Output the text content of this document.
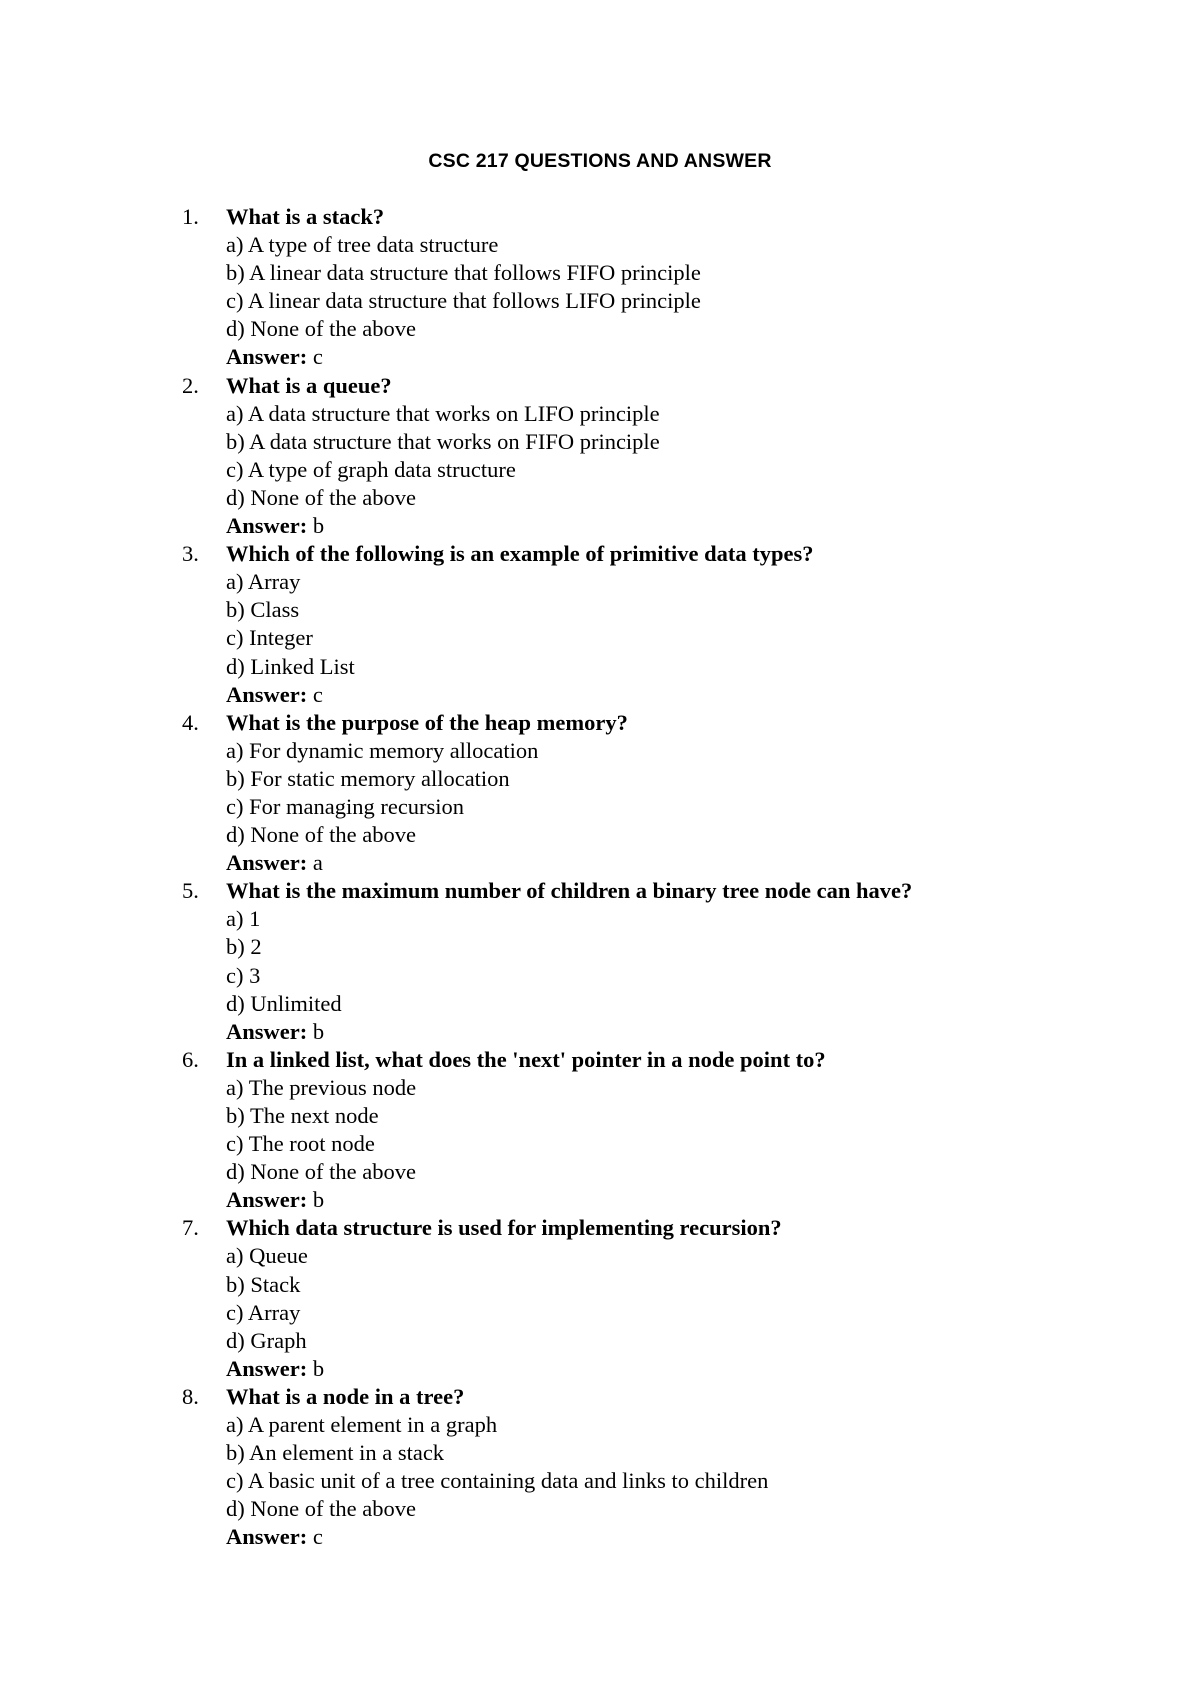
CSC 217 QUESTIONS AND ANSWER
1.	What is a stack?
a) A type of tree data structure
b) A linear data structure that follows FIFO principle
c) A linear data structure that follows LIFO principle
d) None of the above
Answer: c
2.	What is a queue?
a) A data structure that works on LIFO principle
b) A data structure that works on FIFO principle
c) A type of graph data structure
d) None of the above
Answer: b
3.	Which of the following is an example of primitive data types?
a) Array
b) Class
c) Integer
d) Linked List
Answer: c
4.	What is the purpose of the heap memory?
a) For dynamic memory allocation
b) For static memory allocation
c) For managing recursion
d) None of the above
Answer: a
5.	What is the maximum number of children a binary tree node can have?
a) 1
b) 2
c) 3
d) Unlimited
Answer: b
6.	In a linked list, what does the 'next' pointer in a node point to?
a) The previous node
b) The next node
c) The root node
d) None of the above
Answer: b
7.	Which data structure is used for implementing recursion?
a) Queue
b) Stack
c) Array
d) Graph
Answer: b
8.	What is a node in a tree?
a) A parent element in a graph
b) An element in a stack
c) A basic unit of a tree containing data and links to children
d) None of the above
Answer: c
